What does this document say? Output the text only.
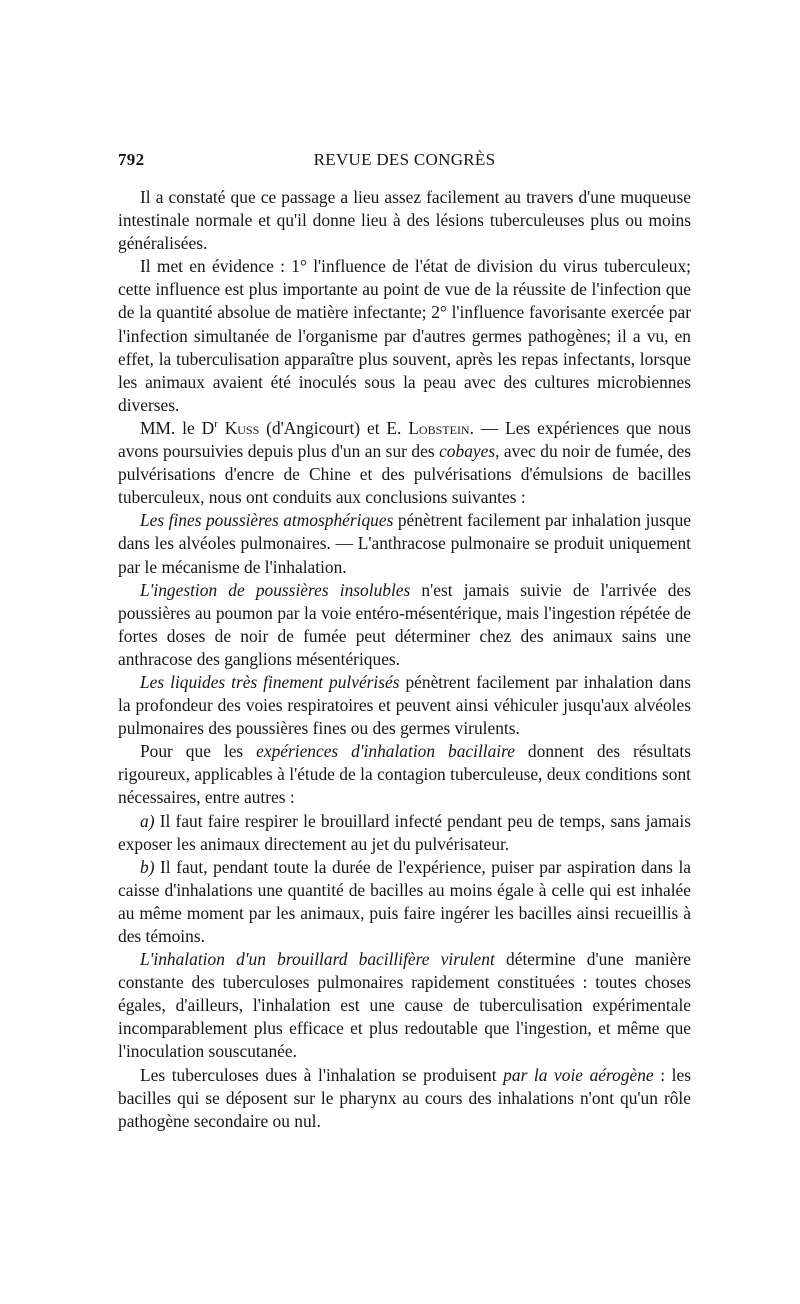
792	REVUE DES CONGRÈS

Il a constaté que ce passage a lieu assez facilement au travers d'une muqueuse intestinale normale et qu'il donne lieu à des lésions tuberculeuses plus ou moins généralisées.

Il met en évidence : 1° l'influence de l'état de division du virus tuberculeux; cette influence est plus importante au point de vue de la réussite de l'infection que de la quantité absolue de matière infectante; 2° l'influence favorisante exercée par l'infection simultanée de l'organisme par d'autres germes pathogènes; il a vu, en effet, la tuberculisation apparaître plus souvent, après les repas infectants, lorsque les animaux avaient été inoculés sous la peau avec des cultures microbiennes diverses.

MM. le $D^r$ Kuss (d'Angicourt) et E. Lobstein. — Les expériences que nous avons poursuivies depuis plus d'un an sur des cobayes, avec du noir de fumée, des pulvérisations d'encre de Chine et des pulvérisations d'émulsions de bacilles tuberculeux, nous ont conduits aux conclusions suivantes :

Les fines poussières atmosphériques pénètrent facilement par inhalation jusque dans les alvéoles pulmonaires. — L'anthracose pulmonaire se produit uniquement par le mécanisme de l'inhalation.

L'ingestion de poussières insolubles n'est jamais suivie de l'arrivée des poussières au poumon par la voie entéro-mésentérique, mais l'ingestion répétée de fortes doses de noir de fumée peut déterminer chez des animaux sains une anthracose des ganglions mésentériques.

Les liquides très finement pulvérisés pénètrent facilement par inhalation dans la profondeur des voies respiratoires et peuvent ainsi véhiculer jusqu'aux alvéoles pulmonaires des poussières fines ou des germes virulents.

Pour que les expériences d'inhalation bacillaire donnent des résultats rigoureux, applicables à l'étude de la contagion tuberculeuse, deux conditions sont nécessaires, entre autres :

a) Il faut faire respirer le brouillard infecté pendant peu de temps, sans jamais exposer les animaux directement au jet du pulvérisateur.

b) Il faut, pendant toute la durée de l'expérience, puiser par aspiration dans la caisse d'inhalations une quantité de bacilles au moins égale à celle qui est inhalée au même moment par les animaux, puis faire ingérer les bacilles ainsi recueillis à des témoins.

L'inhalation d'un brouillard bacillifère virulent détermine d'une manière constante des tuberculoses pulmonaires rapidement constituées : toutes choses égales, d'ailleurs, l'inhalation est une cause de tuberculisation expérimentale incomparablement plus efficace et plus redoutable que l'ingestion, et même que l'inoculation souscutanée.

Les tuberculoses dues à l'inhalation se produisent par la voie aérogène : les bacilles qui se déposent sur le pharynx au cours des inhalations n'ont qu'un rôle pathogène secondaire ou nul.
